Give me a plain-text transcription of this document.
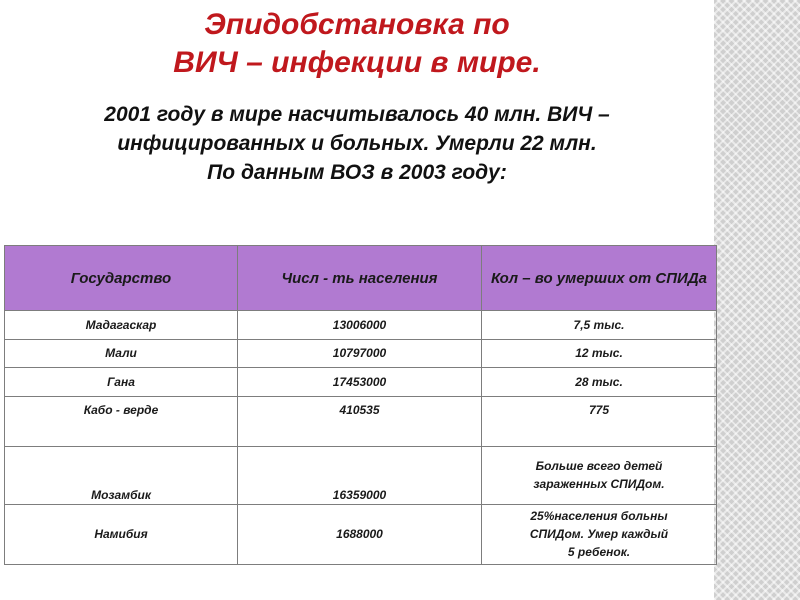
Эпидобстановка по
ВИЧ – инфекции в мире.
2001 году в мире насчитывалось 40 млн. ВИЧ –
инфицированных и больных. Умерли 22 млн.
По данным ВОЗ в 2003 году:
Государство	Числ - ть населения	Кол – во умерших от СПИДа
Мадагаскар	13006000	7,5 тыс.
Мали	10797000	12 тыс.
Гана	17453000	28 тыс.
Кабо - верде	410535	775
Мозамбик	16359000	Больше всего детей
зараженных СПИДом.

Намибия	1688000	25%населения больны
СПИДом. Умер каждый
5 ребенок.
